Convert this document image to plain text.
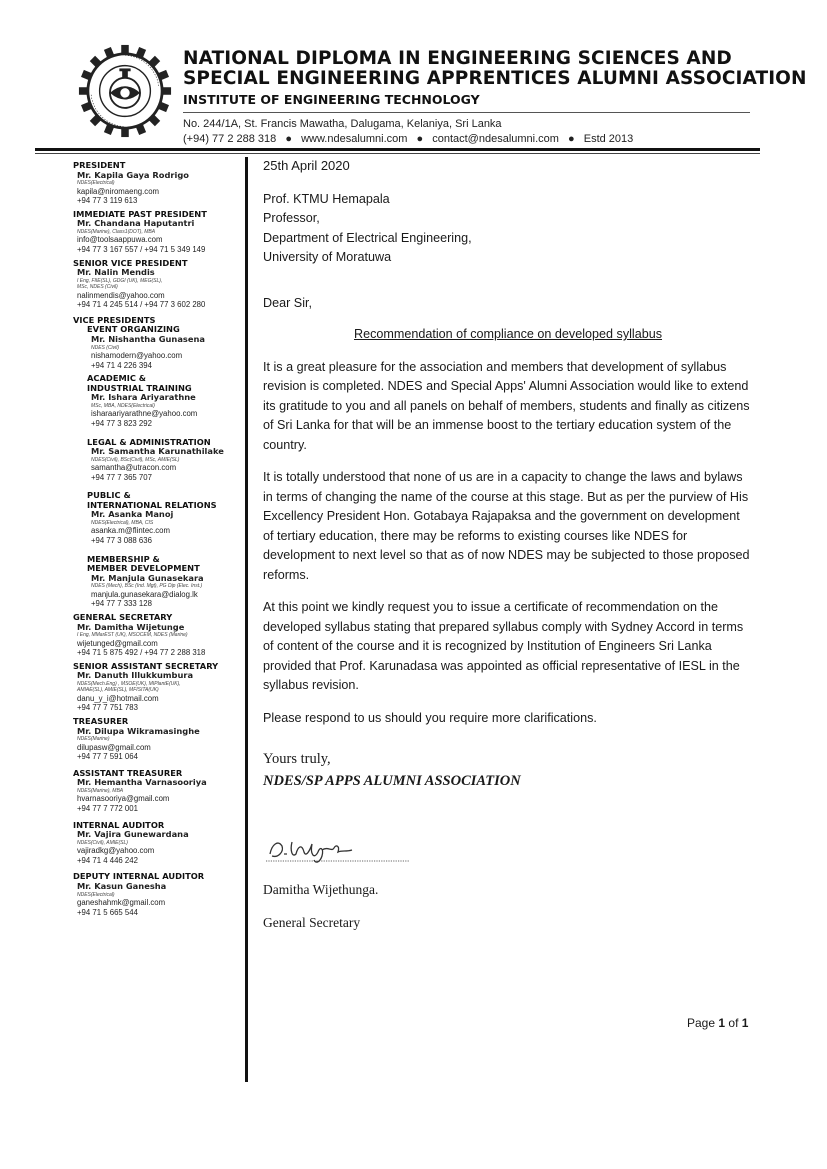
NATIONAL DIPLOMA IN ENGINEERING SCIENCES AND
SPECIAL ENGINEERING APPRENTICES ALUMNI ASSOCIATION
INSTITUTE OF ENGINEERING TECHNOLOGY
No. 244/1A, St. Francis Mawatha, Dalugama, Kelaniya, Sri Lanka
(+94) 77 2 288 318 ● www.ndesalumni.com ● contact@ndesalumni.com ● Estd 2013
PRESIDENT
Mr. Kapila Gaya Rodrigo
NDES(Electrical)
kapila@niromaeng.com
+94 77 3 119 613
IMMEDIATE PAST PRESIDENT
Mr. Chandana Haputantri
NDES(Marine), Class1(DOT), MBA
info@toolsaappuwa.com
+94 77 3 167 557 / +94 71 5 349 149
SENIOR VICE PRESIDENT
Mr. Nalin Mendis
I Eng, FIIE(SL), GDGI (UK), MEG(SL),
MSc, NDES (Civil)
nalinmendis@yahoo.com
+94 71 4 245 514 / +94 77 3 602 280
VICE PRESIDENTS
EVENT ORGANIZING
Mr. Nishantha Gunasena
NDES (Civil)
nishamodern@yahoo.com
+94 71 4 226 394
ACADEMIC &
INDUSTRIAL TRAINING
Mr. Ishara Ariyarathne
MSc, MBA, NDES(Electrical)
isharaariyarathne@yahoo.com
+94 77 3 823 292
LEGAL & ADMINISTRATION
Mr. Samantha Karunathilake
NDES(Civil), BSc(Civil), MSc, AMIE(SL)
samantha@utracon.com
+94 77 7 365 707
PUBLIC &
INTERNATIONAL RELATIONS
Mr. Asanka Manoj
NDES(Electrical), MBA, CIS
asanka.m@flintec.com
+94 77 3 088 636
MEMBERSHIP &
MEMBER DEVELOPMENT
Mr. Manjula Gunasekara
NDES (Mech), BSc (Ind. Mgt), PG Dip (Elec. Inst.)
manjula.gunasekara@dialog.lk
+94 77 7 333 128
GENERAL SECRETARY
Mr. Damitha Wijetunge
I Eng, MMarEST (UK), MSOCEM, NDES (Marine)
wijetunged@gmail.com
+94 71 5 875 492 / +94 77 2 288 318
SENIOR ASSISTANT SECRETARY
Mr. Danuth Illukkumbura
NDES(Mech.Eng) , MSOE(UK), MIPlantE(UK),
AMIAE(SL), AMIE(SL), MFISITA(UK)
danu_y_i@hotmail.com
+94 77 7 751 783
TREASURER
Mr. Dilupa Wikramasinghe
NDES(Marine)
dilupasw@gmail.com
+94 77 7 591 064
ASSISTANT TREASURER
Mr. Hemantha Varnasooriya
NDES(Marine), MBA
hvarnasooriya@gmail.com
+94 77 7 772 001
INTERNAL AUDITOR
Mr. Vajira Gunewardana
NDES(Civil), AMIE(SL)
vajiradkg@yahoo.com
+94 71 4 446 242
DEPUTY INTERNAL AUDITOR
Mr. Kasun Ganesha
NDES(Electrical)
ganeshahmk@gmail.com
+94 71 5 665 544

25th April 2020

Prof. KTMU Hemapala

Professor,

Department of Electrical Engineering,

University of Moratuwa

Dear Sir,

Recommendation of compliance on developed syllabus

It is a great pleasure for the association and members that development of syllabus revision is completed. NDES and Special Apps' Alumni Association would like to extend its gratitude to you and all panels on behalf of members, students and finally as citizens of Sri Lanka for that will be an immense boost to the tertiary education system of the country.

It is totally understood that none of us are in a capacity to change the laws and bylaws in terms of changing the name of the course at this stage. But as per the purview of His Excellency President Hon. Gotabaya Rajapaksa and the government on development of tertiary education, there may be reforms to existing courses like NDES for development to next level so that as of now NDES may be subjected to those proposed reforms.

At this point we kindly request you to issue a certificate of recommendation on the developed syllabus stating that prepared syllabus comply with Sydney Accord in terms of content of the course and it is recognized by Institution of Engineers Sri Lanka provided that Prof. Karunadasa was appointed as official representative of IESL in the syllabus revision.

Please respond to us should you require more clarifications.

Yours truly,

NDES/SP APPS ALUMNI ASSOCIATION

Damitha Wijethunga.

General Secretary

Page 1 of 1
